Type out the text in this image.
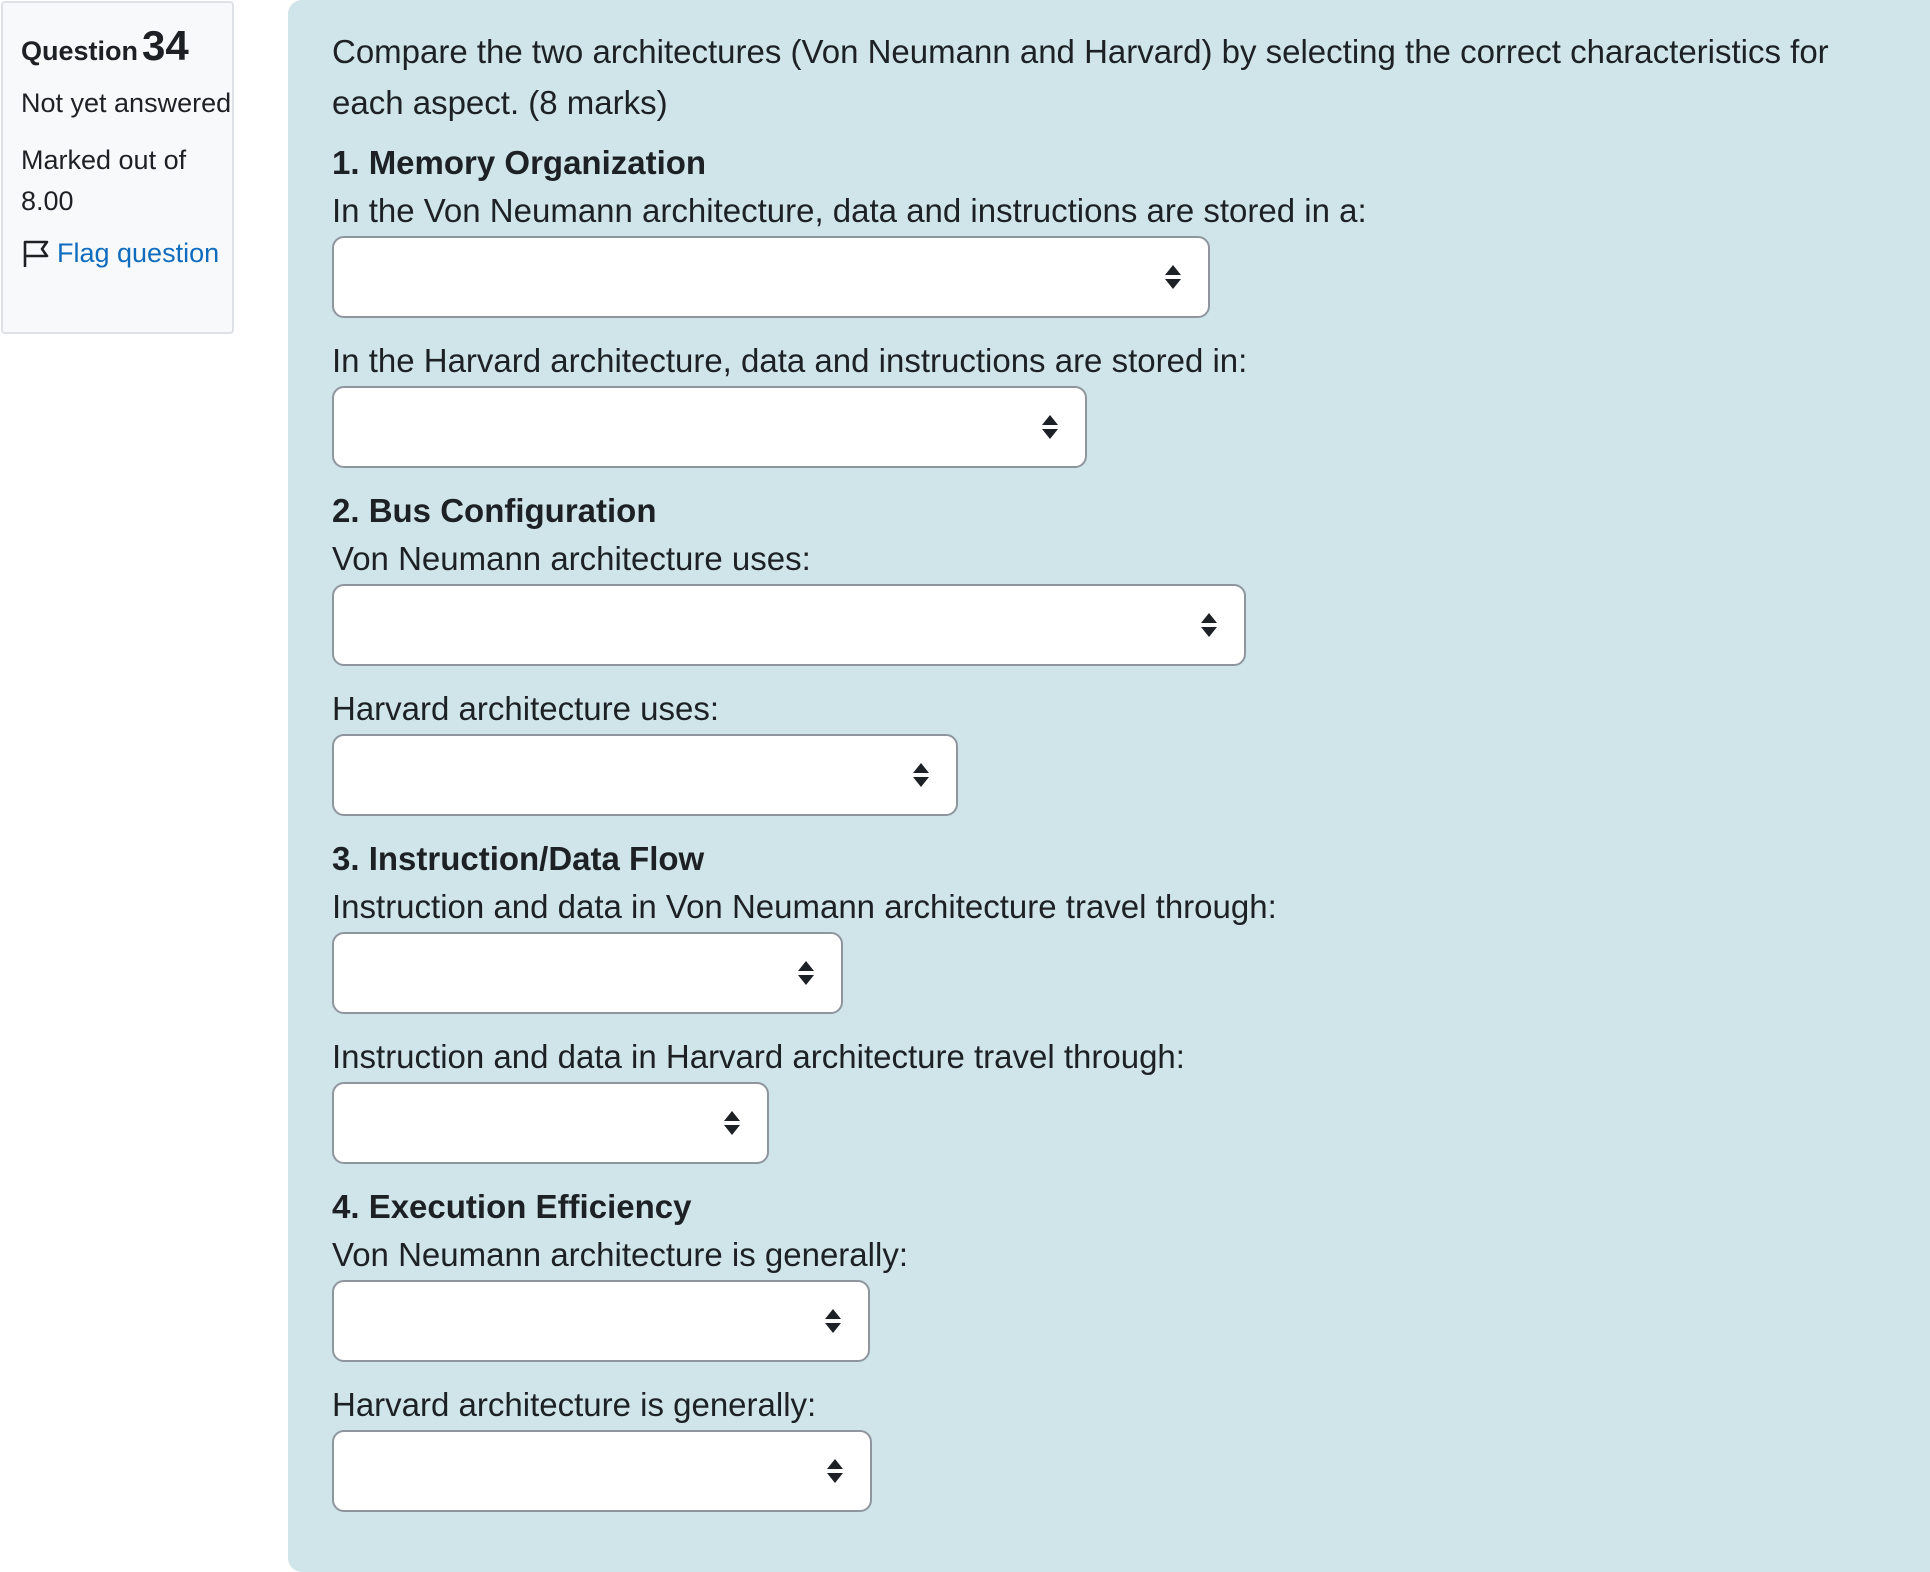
Question34
Not yet answered
Marked out of 8.00
Flag question
Compare the two architectures (Von Neumann and Harvard) by selecting the correct characteristics for each aspect. (8 marks)
1. Memory Organization
In the Von Neumann architecture, data and instructions are stored in a:
In the Harvard architecture, data and instructions are stored in:
2. Bus Configuration
Von Neumann architecture uses:
Harvard architecture uses:
3. Instruction/Data Flow
Instruction and data in Von Neumann architecture travel through:
Instruction and data in Harvard architecture travel through:
4. Execution Efficiency
Von Neumann architecture is generally:
Harvard architecture is generally:
